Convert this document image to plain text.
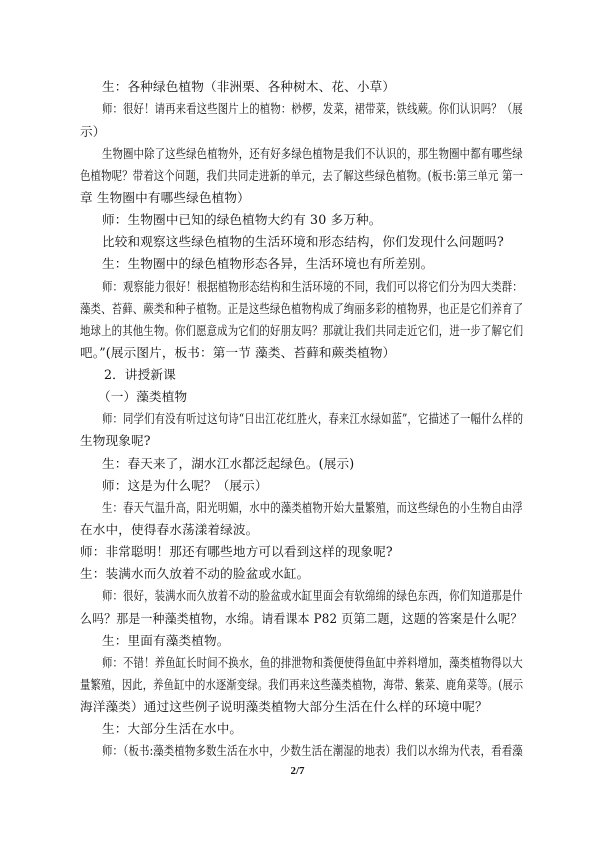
生：各种绿色植物（非洲栗、各种树木、花、小草）
师：很好！请再来看这些图片上的植物：桫椤，发菜，裙带菜，铁线蕨。你们认识吗？（展
示）
生物圈中除了这些绿色植物外，还有好多绿色植物是我们不认识的，那生物圈中都有哪些绿
色植物呢？带着这个问题，我们共同走进新的单元，去了解这些绿色植物。(板书:第三单元 第一
章 生物圈中有哪些绿色植物）
师：生物圈中已知的绿色植物大约有 30 多万种。
比较和观察这些绿色植物的生活环境和形态结构，你们发现什么问题吗?
生：生物圈中的绿色植物形态各异，生活环境也有所差别。
师：观察能力很好！根据植物形态结构和生活环境的不同，我们可以将它们分为四大类群：
藻类、苔藓、蕨类和种子植物。正是这些绿色植物构成了绚丽多彩的植物界，也正是它们养育了
地球上的其他生物。你们愿意成为它们的好朋友吗？那就让我们共同走近它们，进一步了解它们
吧。”(展示图片，板书：第一节 藻类、苔藓和蕨类植物）
2．讲授新课
（一）藻类植物
师：同学们有没有听过这句诗“日出江花红胜火，春来江水绿如蓝”，它描述了一幅什么样的
生物现象呢?
生：春天来了，湖水江水都泛起绿色。(展示)
师：这是为什么呢？（展示）
生：春天气温升高，阳光明媚，水中的藻类植物开始大量繁殖，而这些绿色的小生物自由浮
在水中，使得春水荡漾着绿波。
师：非常聪明！那还有哪些地方可以看到这样的现象呢?
生：装满水而久放着不动的脸盆或水缸。
师：很好，装满水而久放着不动的脸盆或水缸里面会有软绵绵的绿色东西，你们知道那是什
么吗？那是一种藻类植物，水绵。请看课本 P82 页第二题，这题的答案是什么呢？
生：里面有藻类植物。
师：不错！养鱼缸长时间不换水，鱼的排泄物和粪便使得鱼缸中养料增加，藻类植物得以大
量繁殖，因此，养鱼缸中的水逐渐变绿。我们再来这些藻类植物，海带、紫菜、鹿角菜等。(展示
海洋藻类）通过这些例子说明藻类植物大部分生活在什么样的环境中呢？
生：大部分生活在水中。
师：（板书:藻类植物多数生活在水中，少数生活在潮湿的地表）我们以水绵为代表，看看藻
2/7
